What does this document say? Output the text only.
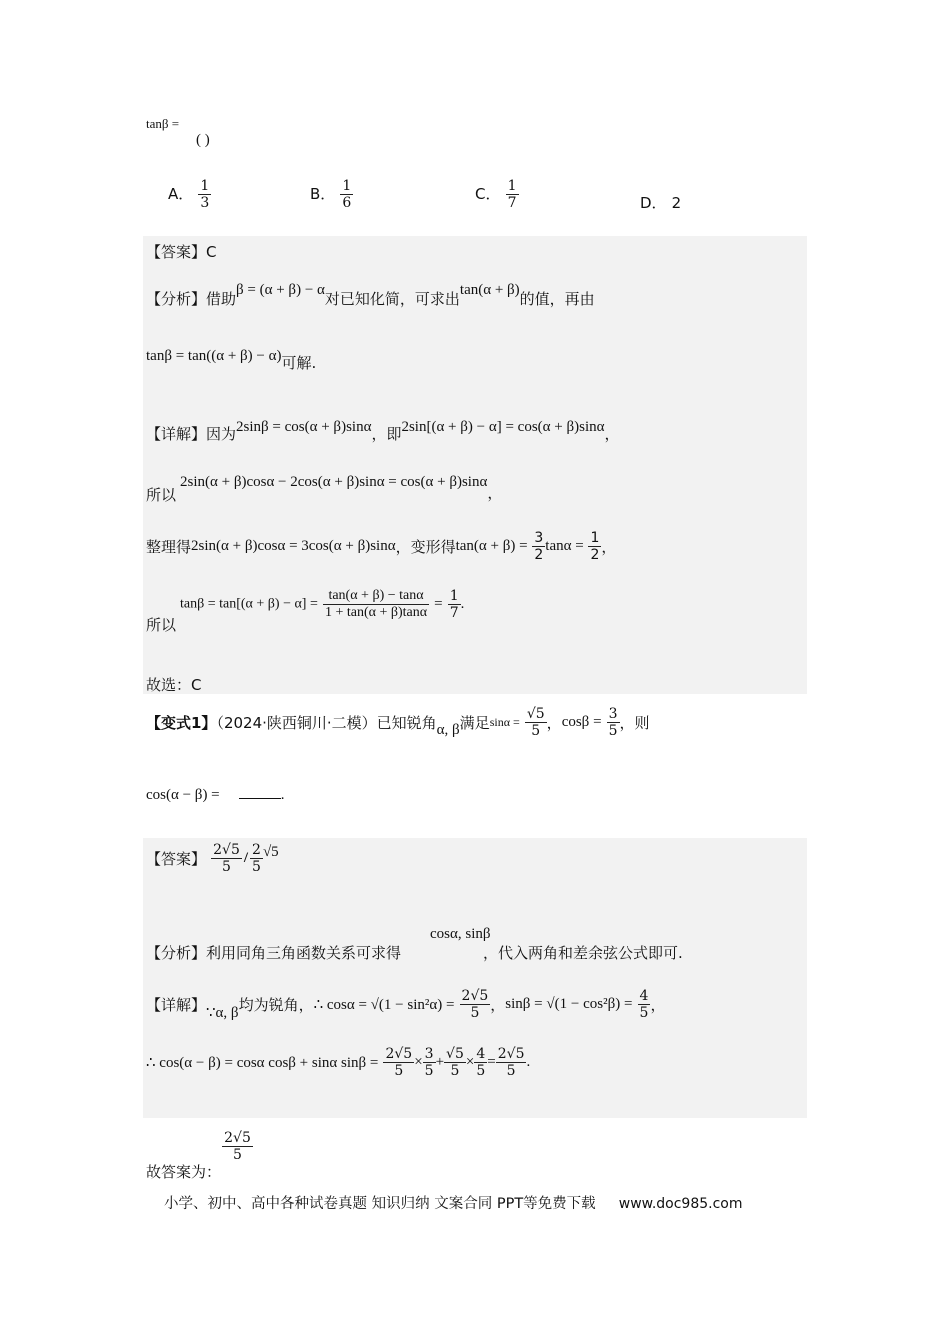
tanβ =
( )
A． $\frac{1}{3}$	B． $\frac{1}{6}$	C． $\frac{1}{7}$	D． 2
【答案】C
【分析】借助β = (α + β) − α对已知化简，可求出tan(α + β)的值，再由
tanβ = tan((α + β) − α)可解.
【详解】因为2sinβ = cos(α + β)sinα，即2sin[(α + β) − α] = cos(α + β)sinα，
所以
2sin(α + β)cosα − 2cos(α + β)sinα = cos(α + β)sinα，
整理得2sin(α + β)cosα = 3cos(α + β)sinα，变形得$\tan(\alpha + \beta) = \frac{3}{2}$ $\tan\alpha = \frac{1}{2}$ ，
所以
$\tan\beta = \tan[(\alpha + \beta) - \alpha] = \frac{\tan(\alpha + \beta) - \tan\alpha}{1 + \tan(\alpha + \beta)\tan\alpha} = \frac{1}{7}$ .
故选：C
【变式1】（2024·陕西铜川·二模）已知锐角α, β满足$\sin\alpha = \frac{√5}{5}$ ，$\cos\beta = \frac{3}{5}$ ，则
cos(α − β) =	.
【答案】 $\frac{2√5}{5} / \frac{2}{5} √5$
cosα, sinβ
【分析】利用同角三角函数关系可求得	，代入两角和差余弦公式即可.
【详解】∵α, β均为锐角，∴ $\cos\alpha = √(1 - \sin^2\alpha) = \frac{2√5}{5}$ ，$\sin\beta = √(1 - \cos^2\beta) = \frac{4}{5}$ ，
∴ cos(α − β) = cosα cosβ + sinα $\sin\beta = \frac{2√5}{5} \times \frac{3}{5} + \frac{√5}{5} \times \frac{4}{5} = \frac{2√5}{5}$ .
故答案为：
$\frac{2√5}{5}$
小学、初中、高中各种试卷真题 知识归纳 文案合同 PPT等免费下载 www.doc985.com
